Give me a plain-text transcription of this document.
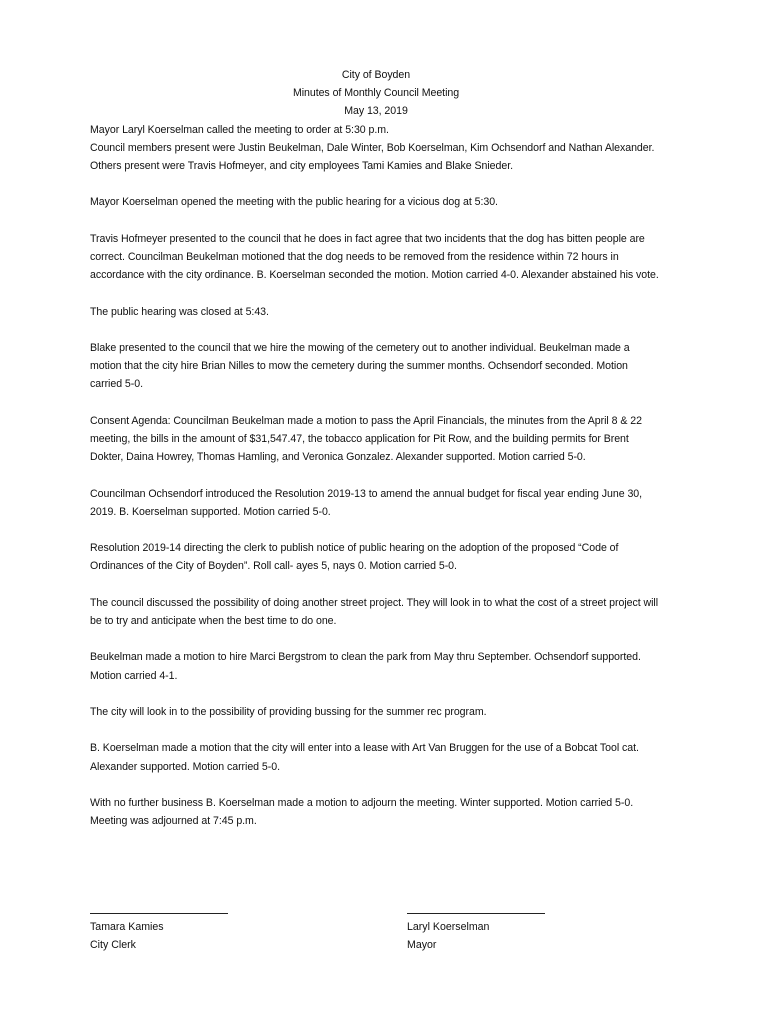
City of Boyden
Minutes of Monthly Council Meeting
May 13, 2019

Mayor Laryl Koerselman called the meeting to order at 5:30 p.m.

Council members present were Justin Beukelman, Dale Winter, Bob Koerselman, Kim Ochsendorf and Nathan Alexander.

Others present were Travis Hofmeyer, and city employees Tami Kamies and Blake Snieder.

Mayor Koerselman opened the meeting with the public hearing for a vicious dog at 5:30.

Travis Hofmeyer presented to the council that he does in fact agree that two incidents that the dog has bitten people are correct. Councilman Beukelman motioned that the dog needs to be removed from the residence within 72 hours in accordance with the city ordinance. B. Koerselman seconded the motion. Motion carried 4-0. Alexander abstained his vote.

The public hearing was closed at 5:43.

Blake presented to the council that we hire the mowing of the cemetery out to another individual. Beukelman made a motion that the city hire Brian Nilles to mow the cemetery during the summer months. Ochsendorf seconded. Motion carried 5-0.

Consent Agenda: Councilman Beukelman made a motion to pass the April Financials, the minutes from the April 8 & 22 meeting, the bills in the amount of $31,547.47, the tobacco application for Pit Row, and the building permits for Brent Dokter, Daina Howrey, Thomas Hamling, and Veronica Gonzalez. Alexander supported. Motion carried 5-0.

Councilman Ochsendorf introduced the Resolution 2019-13 to amend the annual budget for fiscal year ending June 30, 2019. B. Koerselman supported. Motion carried 5-0.

Resolution 2019-14 directing the clerk to publish notice of public hearing on the adoption of the proposed “Code of Ordinances of the City of Boyden”. Roll call- ayes 5, nays 0. Motion carried 5-0.

The council discussed the possibility of doing another street project. They will look in to what the cost of a street project will be to try and anticipate when the best time to do one.

Beukelman made a motion to hire Marci Bergstrom to clean the park from May thru September. Ochsendorf supported. Motion carried 4-1.

The city will look in to the possibility of providing bussing for the summer rec program.

B. Koerselman made a motion that the city will enter into a lease with Art Van Bruggen for the use of a Bobcat Tool cat. Alexander supported. Motion carried 5-0.

With no further business B. Koerselman made a motion to adjourn the meeting. Winter supported. Motion carried 5-0. Meeting was adjourned at 7:45 p.m.

Tamara Kamies
City Clerk
Laryl Koerselman
Mayor
